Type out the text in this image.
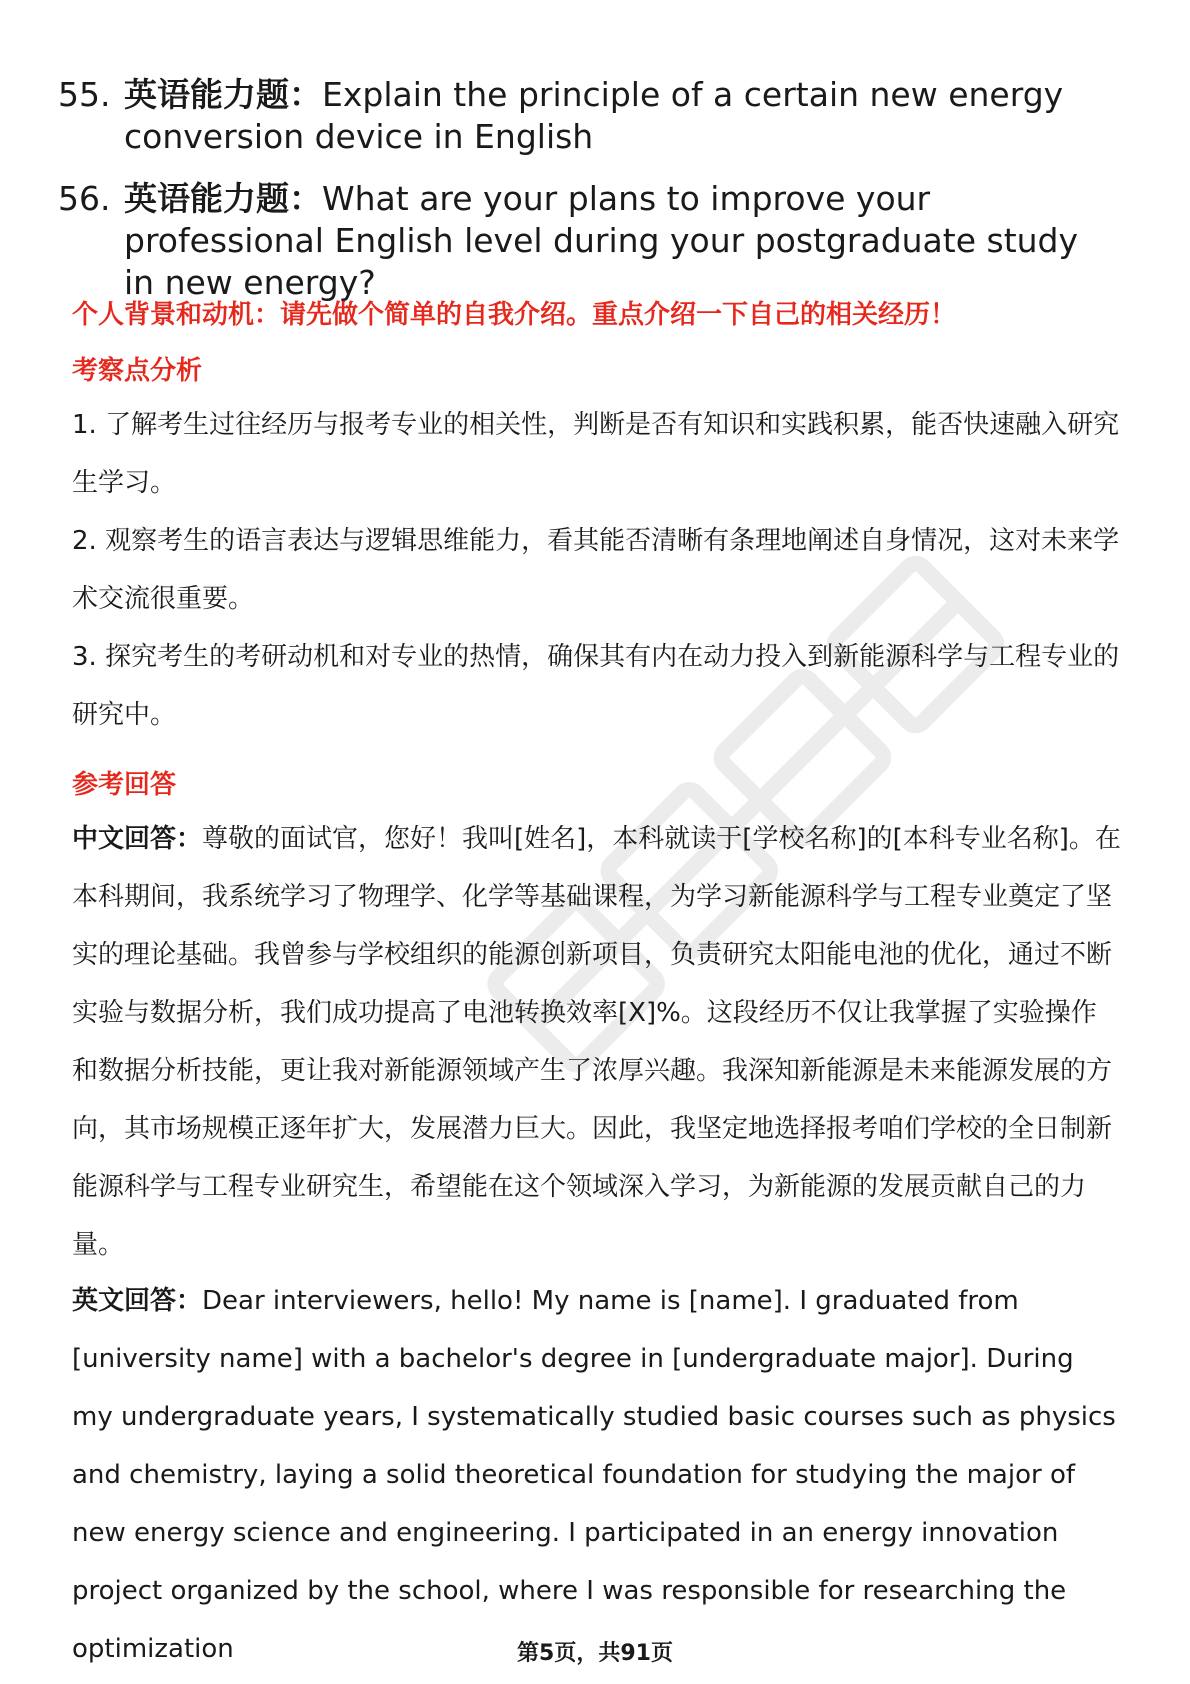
55. 英语能力题：Explain the principle of a certain new energy conversion device in English
56. 英语能力题：What are your plans to improve your professional English level during your postgraduate study in new energy?
个人背景和动机：请先做个简单的自我介绍。重点介绍一下自己的相关经历！
考察点分析

1. 了解考生过往经历与报考专业的相关性，判断是否有知识和实践积累，能否快速融入研究生学习。

2. 观察考生的语言表达与逻辑思维能力，看其能否清晰有条理地阐述自身情况，这对未来学术交流很重要。

3. 探究考生的考研动机和对专业的热情，确保其有内在动力投入到新能源科学与工程专业的研究中。

参考回答
中文回答：尊敬的面试官，您好！我叫[姓名]，本科就读于[学校名称]的[本科专业名称]。在本科期间，我系统学习了物理学、化学等基础课程，为学习新能源科学与工程专业奠定了坚实的理论基础。我曾参与学校组织的能源创新项目，负责研究太阳能电池的优化，通过不断实验与数据分析，我们成功提高了电池转换效率[X]%。这段经历不仅让我掌握了实验操作和数据分析技能，更让我对新能源领域产生了浓厚兴趣。我深知新能源是未来能源发展的方向，其市场规模正逐年扩大，发展潜力巨大。因此，我坚定地选择报考咱们学校的全日制新能源科学与工程专业研究生，希望能在这个领域深入学习，为新能源的发展贡献自己的力量。
英文回答：Dear interviewers, hello! My name is [name]. I graduated from [university name] with a bachelor's degree in [undergraduate major]. During my undergraduate years, I systematically studied basic courses such as physics and chemistry, laying a solid theoretical foundation for studying the major of new energy science and engineering. I participated in an energy innovation project organized by the school, where I was responsible for researching the optimization	第5页，共91页
